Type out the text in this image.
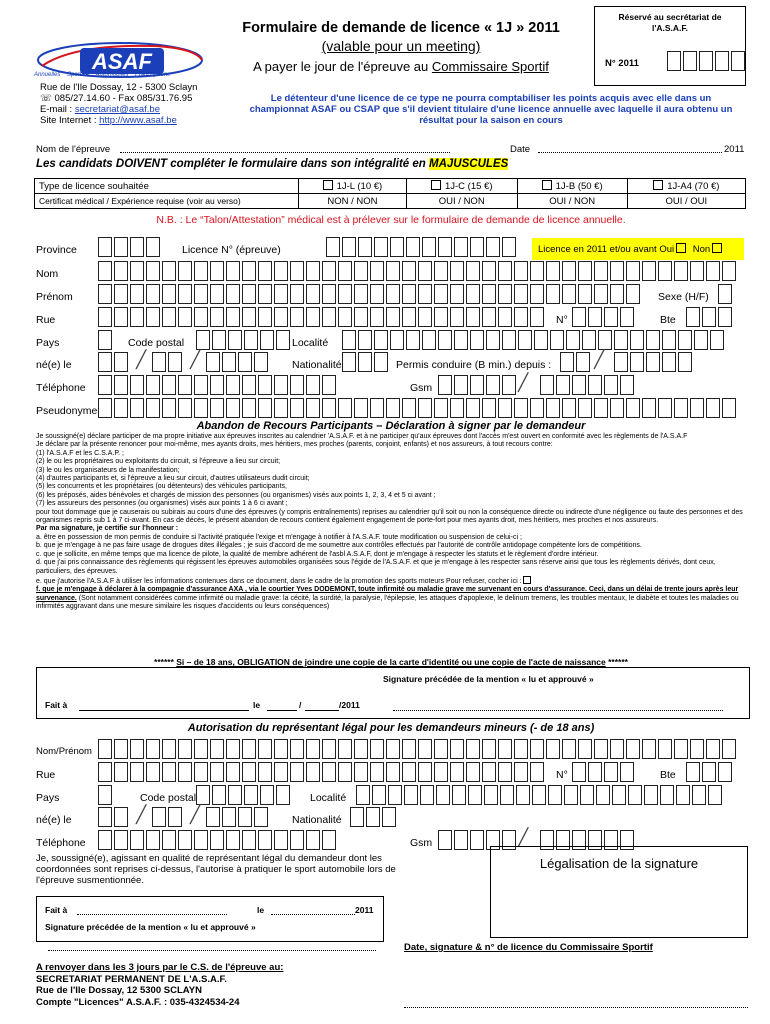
ASAF
Annuelles    Sportive    Automobiles    Francophone
Rue de l'Ile Dossay, 12 - 5300 Sclayn
☏ 085/27.14.60 - Fax 085/31.76.95
E-mail : secretariat@asaf.be
Site Internet : http://www.asaf.be
Formulaire de demande de licence « 1J » 2011
(valable pour un meeting)
A payer le jour de l'épreuve au Commissaire Sportif
Le détenteur d'une licence de ce type ne pourra comptabiliser les points acquis avec elle dans un championnat ASAF ou CSAP que s'il devient titulaire d'une licence annuelle avec laquelle il aura obtenu un résultat pour la saison en cours
Réservé au secrétariat de l'A.S.A.F.
N° 2011
Nom de l'épreuve	Date	2011
Les candidats DOIVENT compléter le formulaire dans son intégralité en MAJUSCULES
Type de licence souhaitée	1J-L (10 €)	1J-C (15 €)	1J-B (50 €)	1J-A4 (70 €)
Certificat médical / Expérience requise (voir au verso)	NON / NON	OUI / NON	OUI / NON	OUI / OUI
N.B. : Le “Talon/Attestation” médical est à prélever sur le formulaire de demande de licence annuelle.
Province	Licence N° (épreuve)	Licence en 2011 et/ou avant Oui Non
Nom
Prénom	Sexe (H/F)
Rue	N°	Bte
Pays	Code postal	Localité
né(e) le	╱	╱	Nationalité	Permis conduire (B min.) depuis :	╱
Téléphone	Gsm	╱
Pseudonyme
Abandon de Recours Participants – Déclaration à signer par le demandeur
Je soussigné(e) déclare participer de ma propre initiative aux épreuves inscrites au calendrier 'A.S.A.F. et à ne participer qu'aux épreuves dont l'accès m'est ouvert en conformité avec les règlements de l'A.S.A.F
Je déclare par la présente renoncer pour moi-même, mes ayants droits, mes héritiers, mes proches (parents, conjoint, enfants) et nos assureurs, à tout recours contre:
(1) l'A.S.A.F et les C.S.A.P. ;
(2) le ou les propriétaires ou exploitants du circuit, si l'épreuve a lieu sur circuit;
(3) le ou les organisateurs de la manifestation;
(4) d'autres participants et, si l'épreuve a lieu sur circuit, d'autres utilisateurs dudit circuit;
(5) les concurrents et les propriétaires (ou détenteurs) des véhicules participants,
(6) les préposés, aides bénévoles et chargés de mission des personnes (ou organismes) visés aux points 1, 2, 3, 4 et 5 ci avant ;
(7) les assureurs des personnes (ou organismes) visés aux points 1 à 6 ci avant ;
pour tout dommage que je causerais ou subirais au cours d'une des épreuves (y compris entraînements) reprises au calendrier qu'il soit ou non la conséquence directe ou indirecte d'une négligence ou faute des personnes et des organismes repris sub 1 à 7 ci-avant. En cas de décès, le présent abandon de recours contient également engagement de porte-fort pour mes ayants droit, mes héritiers, mes proches et nos assureurs.
Par ma signature, je certifie sur l'honneur :
a. être en possession de mon permis de conduire si l'activité pratiquée l'exige et m'engage à notifier à l'A.S.A.F. toute modification ou suspension de celui-ci ;
b. que je m'engage à ne pas faire usage de drogues dites illégales ; je suis d'accord de me soumettre aux contrôles effectués par l'autorité de contrôle antidopage compétente lors de compétitions.
c. que je sollicite, en même temps que ma licence de pilote, la qualité de membre adhérent de l'asbl A.S.A.F, dont je m'engage à respecter les statuts et le règlement d'ordre intérieur.
d. que j'ai pris connaissance des règlements qui régissent les épreuves automobiles organisées sous l'égide de l'A.S.A.F. et que je m'engage à les respecter sans réserve ainsi que tous les règlements dérivés, dont ceux, particuliers, des épreuves.
e. que j'autorise l'A.S.A.F à utiliser les informations contenues dans ce document, dans le cadre de la promotion des sports moteurs Pour refuser, cocher ici :
f. que je m'engage à déclarer à la compagnie d'assurance AXA , via le courtier Yves DODEMONT, toute infirmité ou maladie grave me survenant en cours d'assurance. Ceci, dans un délai de trente jours après leur survenance. (Sont notamment considérées comme infirmité ou maladie grave: la cécité, la surdité, la paralysie, l'épilepsie, les attaques d'apoplexie, le delirium tremens, les troubles mentaux, le diabète et toutes les maladies ou infirmités aggravant dans une mesure similaire les risques d'accidents ou leurs conséquences)
****** Si – de 18 ans, OBLIGATION de joindre une copie de la carte d'identité ou une copie de l'acte de naissance ******
Signature précédée de la mention « lu et approuvé »
Fait à	le	/	/2011
Autorisation du représentant légal pour les demandeurs mineurs (- de 18 ans)
Nom/Prénom
Rue	N°	Bte
Pays	Code postal	Localité
né(e) le	╱	╱	Nationalité
Téléphone	Gsm	╱
Je, soussigné(e), agissant en qualité de représentant légal du demandeur dont les coordonnées sont reprises ci-dessus, l'autorise à pratiquer le sport automobile lors de l'épreuve susmentionnée.
Légalisation de la signature
Fait à	le	2011
Signature précédée de la mention « lu et approuvé »
Date, signature & n° de licence du Commissaire Sportif
A renvoyer dans les 3 jours par le C.S. de l'épreuve au:
SECRETARIAT PERMANENT DE L'A.S.A.F.
Rue de l'Ile Dossay, 12 5300 SCLAYN
Compte "Licences" A.S.A.F. : 035-4324534-24
